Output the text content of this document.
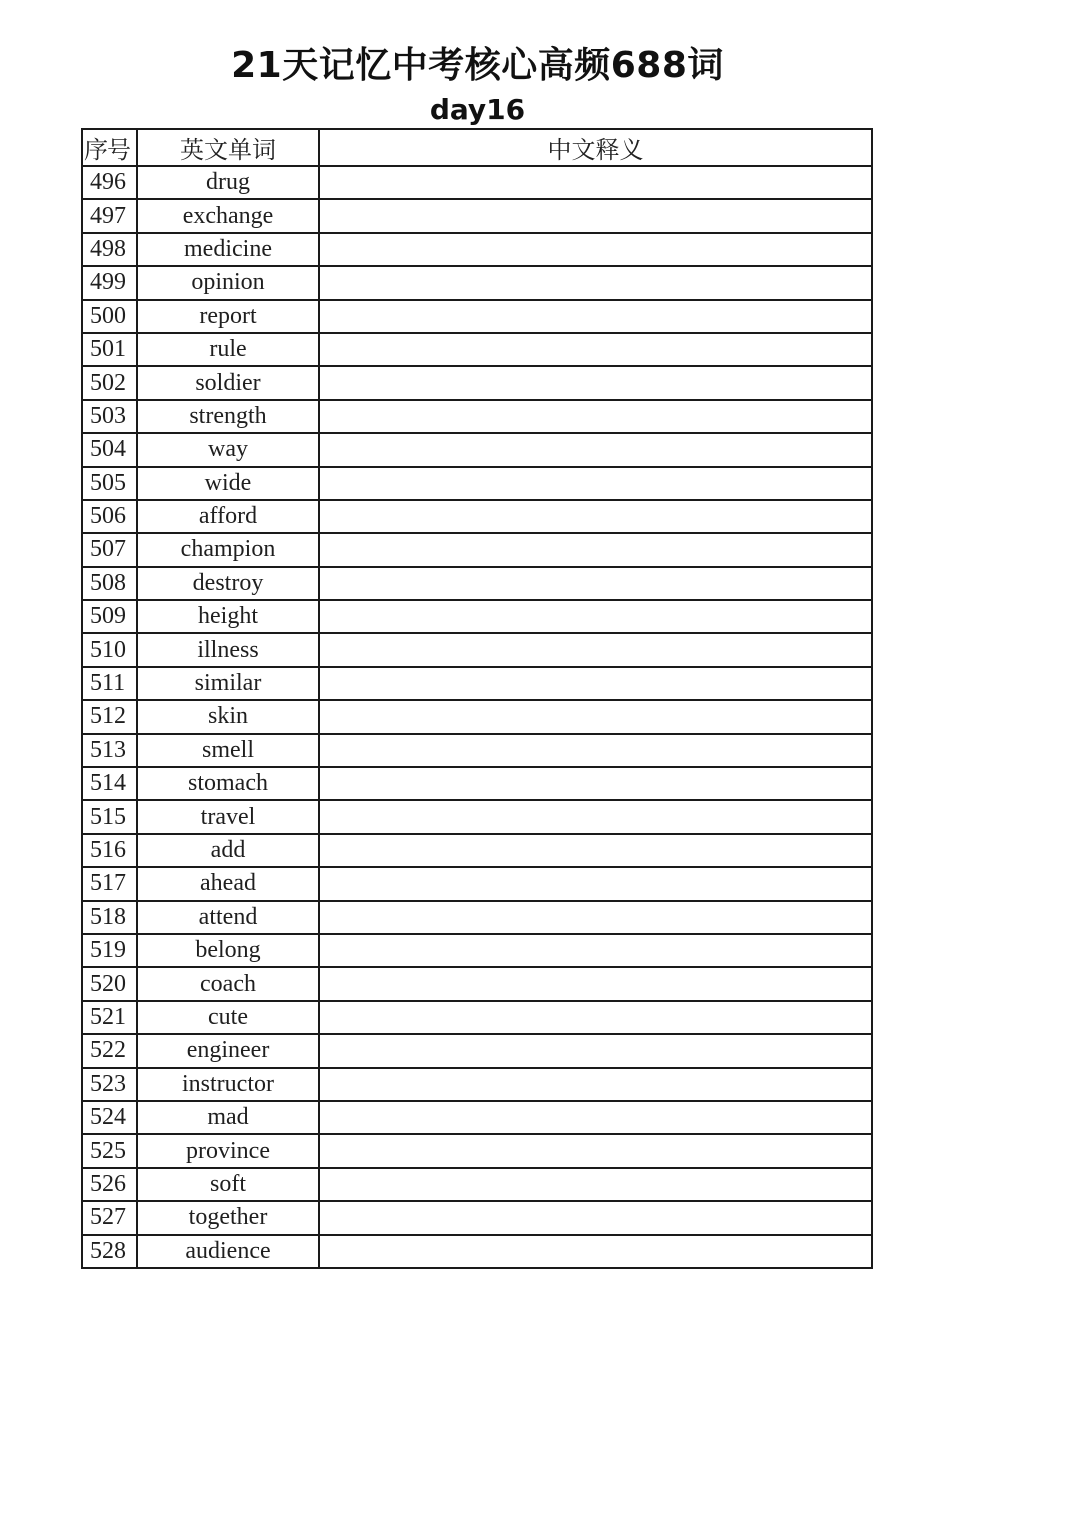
21天记忆中考核心高频688词
day16
序号	英文单词	中文释义
496	drug	
497	exchange	
498	medicine	
499	opinion	
500	report	
501	rule	
502	soldier	
503	strength	
504	way	
505	wide	
506	afford	
507	champion	
508	destroy	
509	height	
510	illness	
511	similar	
512	skin	
513	smell	
514	stomach	
515	travel	
516	add	
517	ahead	
518	attend	
519	belong	
520	coach	
521	cute	
522	engineer	
523	instructor	
524	mad	
525	province	
526	soft	
527	together	
528	audience	
